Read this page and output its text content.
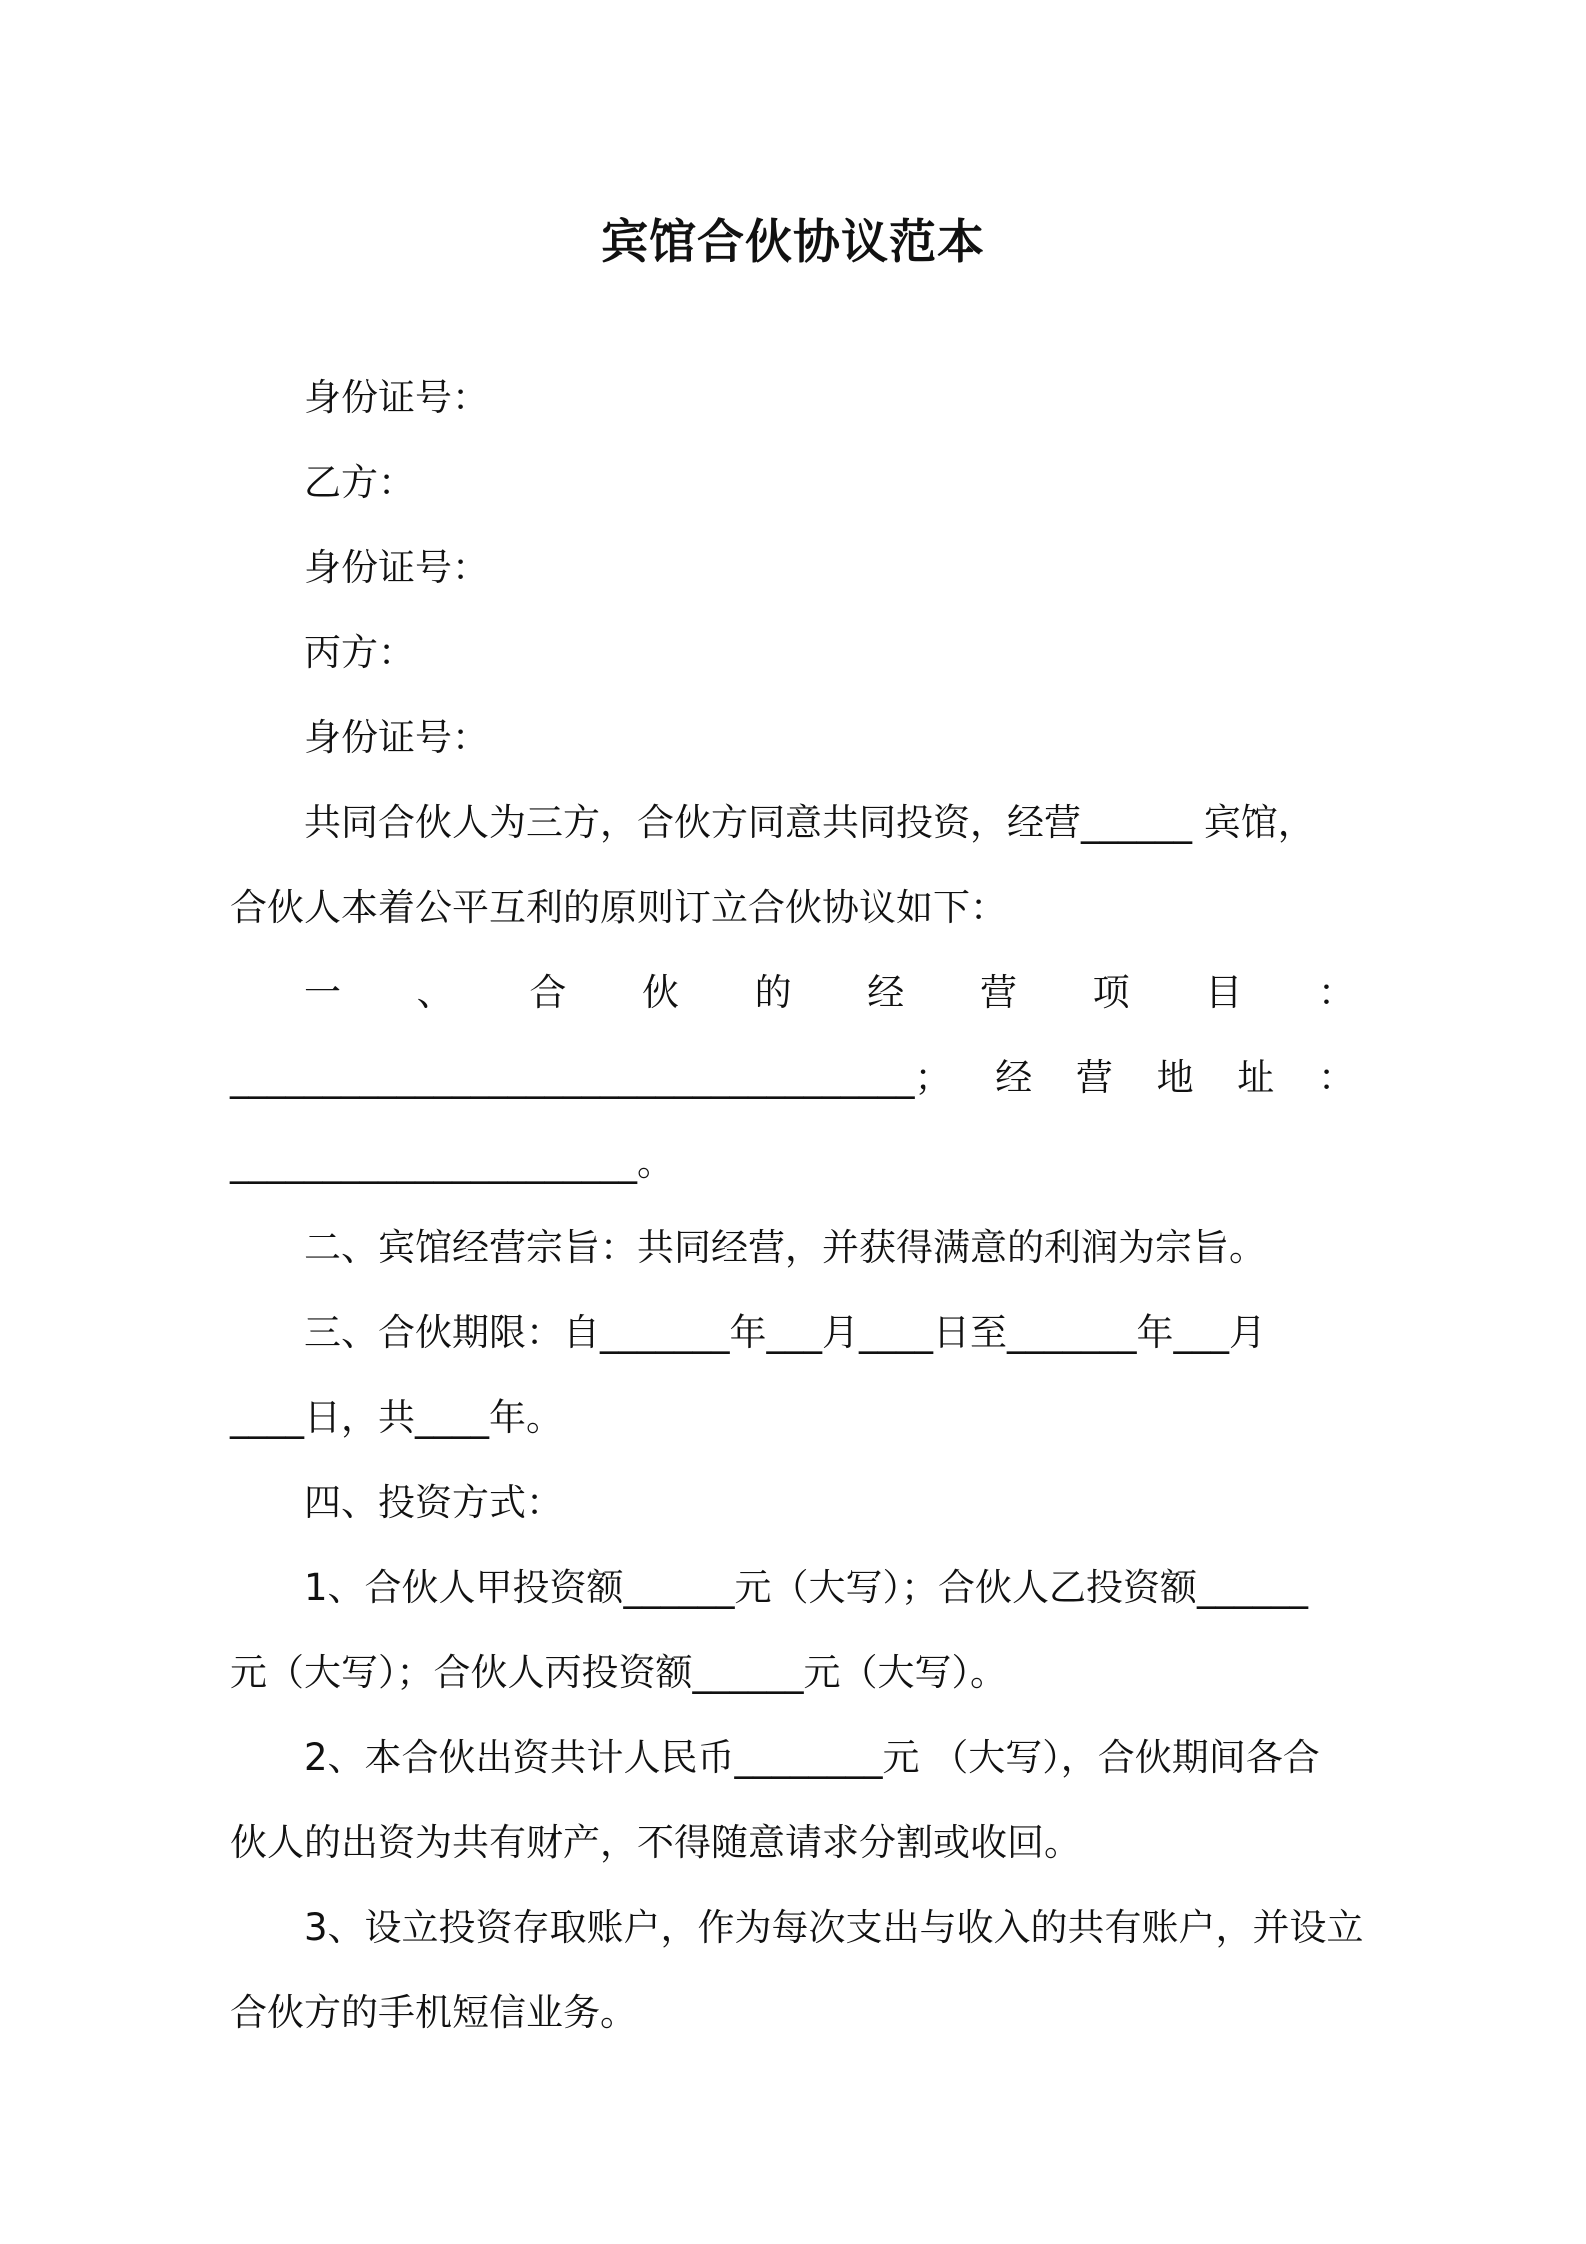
宾馆合伙协议范本
身份证号：
乙方：
身份证号：
丙方：
身份证号：
共同合伙人为三方，合伙方同意共同投资，经营______ 宾馆，
合伙人本着公平互利的原则订立合伙协议如下：
一 、 合 伙 的 经 营 项 目 ：
_____________________________________； 经 营 地 址 ：
______________________。
二、宾馆经营宗旨：共同经营，并获得满意的利润为宗旨。
三、合伙期限：自_______年___月____日至_______年___月
____日，共____年。
四、投资方式：
1、合伙人甲投资额______元（大写）；合伙人乙投资额______
元（大写）；合伙人丙投资额______元（大写）。
2、本合伙出资共计人民币________元 （大写），合伙期间各合
伙人的出资为共有财产，不得随意请求分割或收回。
3、设立投资存取账户，作为每次支出与收入的共有账户，并设立
合伙方的手机短信业务。
